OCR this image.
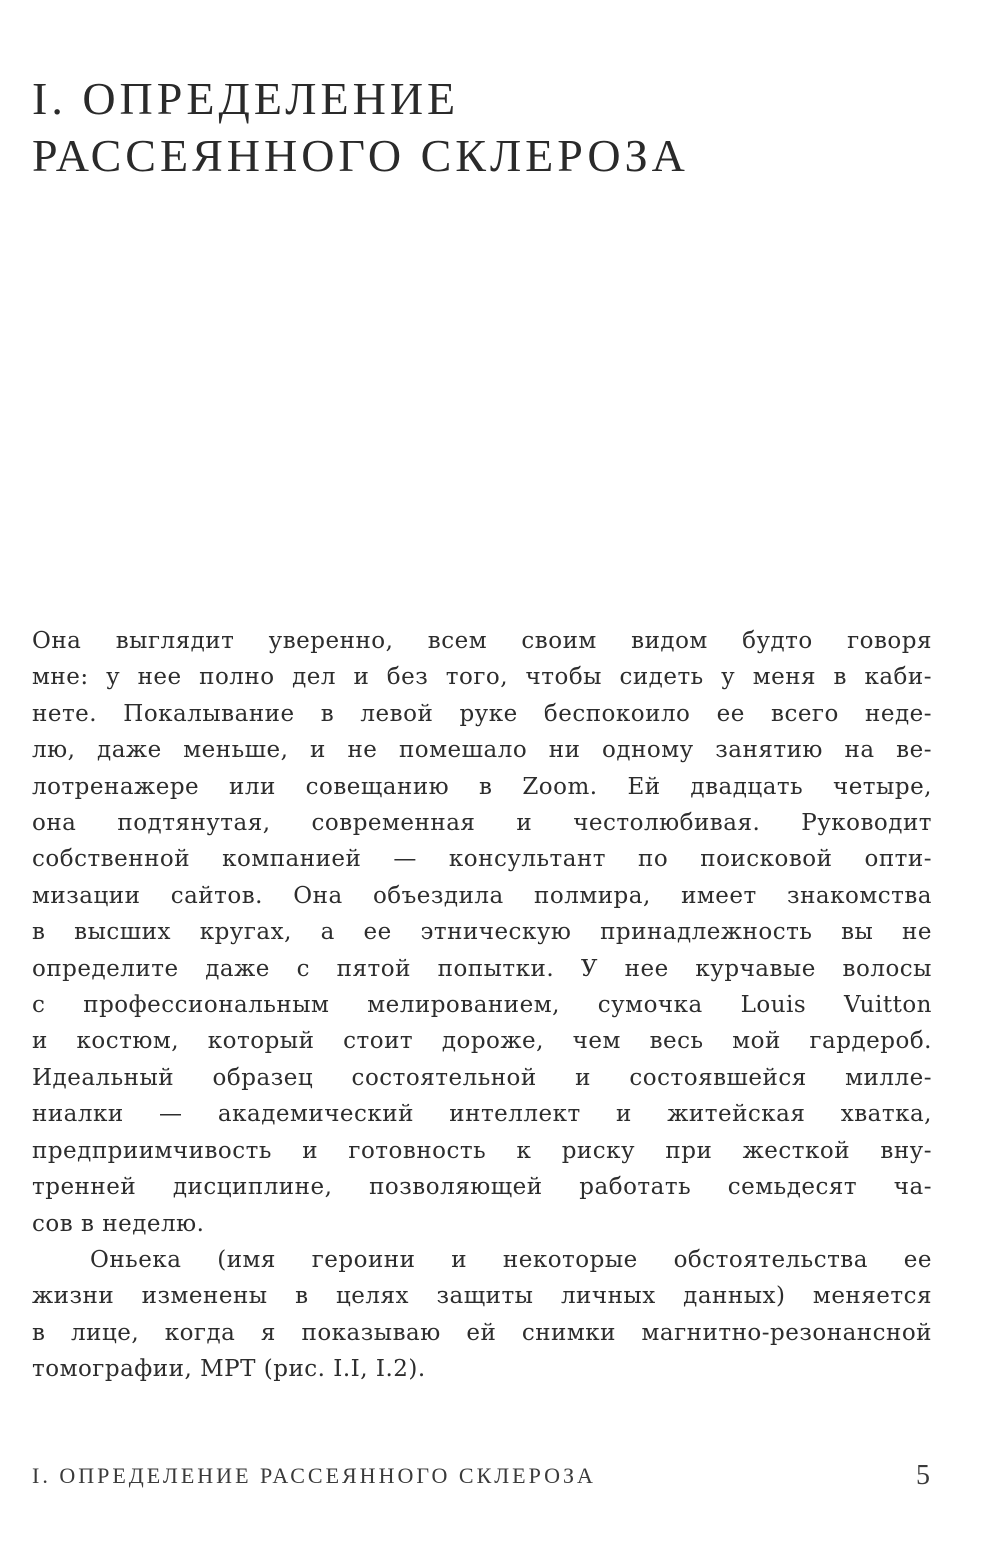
I. ОПРЕДЕЛЕНИЕ
РАССЕЯННОГО СКЛЕРОЗА
Она выглядит уверенно, всем своим видом будто говоря
мне: у нее полно дел и без того, чтобы сидеть у меня в каби-
нете. Покалывание в левой руке беспокоило ее всего неде-
лю, даже меньше, и не помешало ни одному занятию на ве-
лотренажере или совещанию в Zoom. Ей двадцать четыре,
она подтянутая, современная и честолюбивая. Руководит
собственной компанией — консультант по поисковой опти-
мизации сайтов. Она объездила полмира, имеет знакомства
в высших кругах, а ее этническую принадлежность вы не
определите даже с пятой попытки. У нее курчавые волосы
с профессиональным мелированием, сумочка Louis Vuitton
и костюм, который стоит дороже, чем весь мой гардероб.
Идеальный образец состоятельной и состоявшейся милле-
ниалки — академический интеллект и житейская хватка,
предприимчивость и готовность к риску при жесткой вну-
тренней дисциплине, позволяющей работать семьдесят ча-
сов в неделю.
Оньека (имя героини и некоторые обстоятельства ее
жизни изменены в целях защиты личных данных) меняется
в лице, когда я показываю ей снимки магнитно-резонансной
томографии, МРТ (рис. I.I, I.2).
I. ОПРЕДЕЛЕНИЕ РАССЕЯННОГО СКЛЕРОЗА	5
